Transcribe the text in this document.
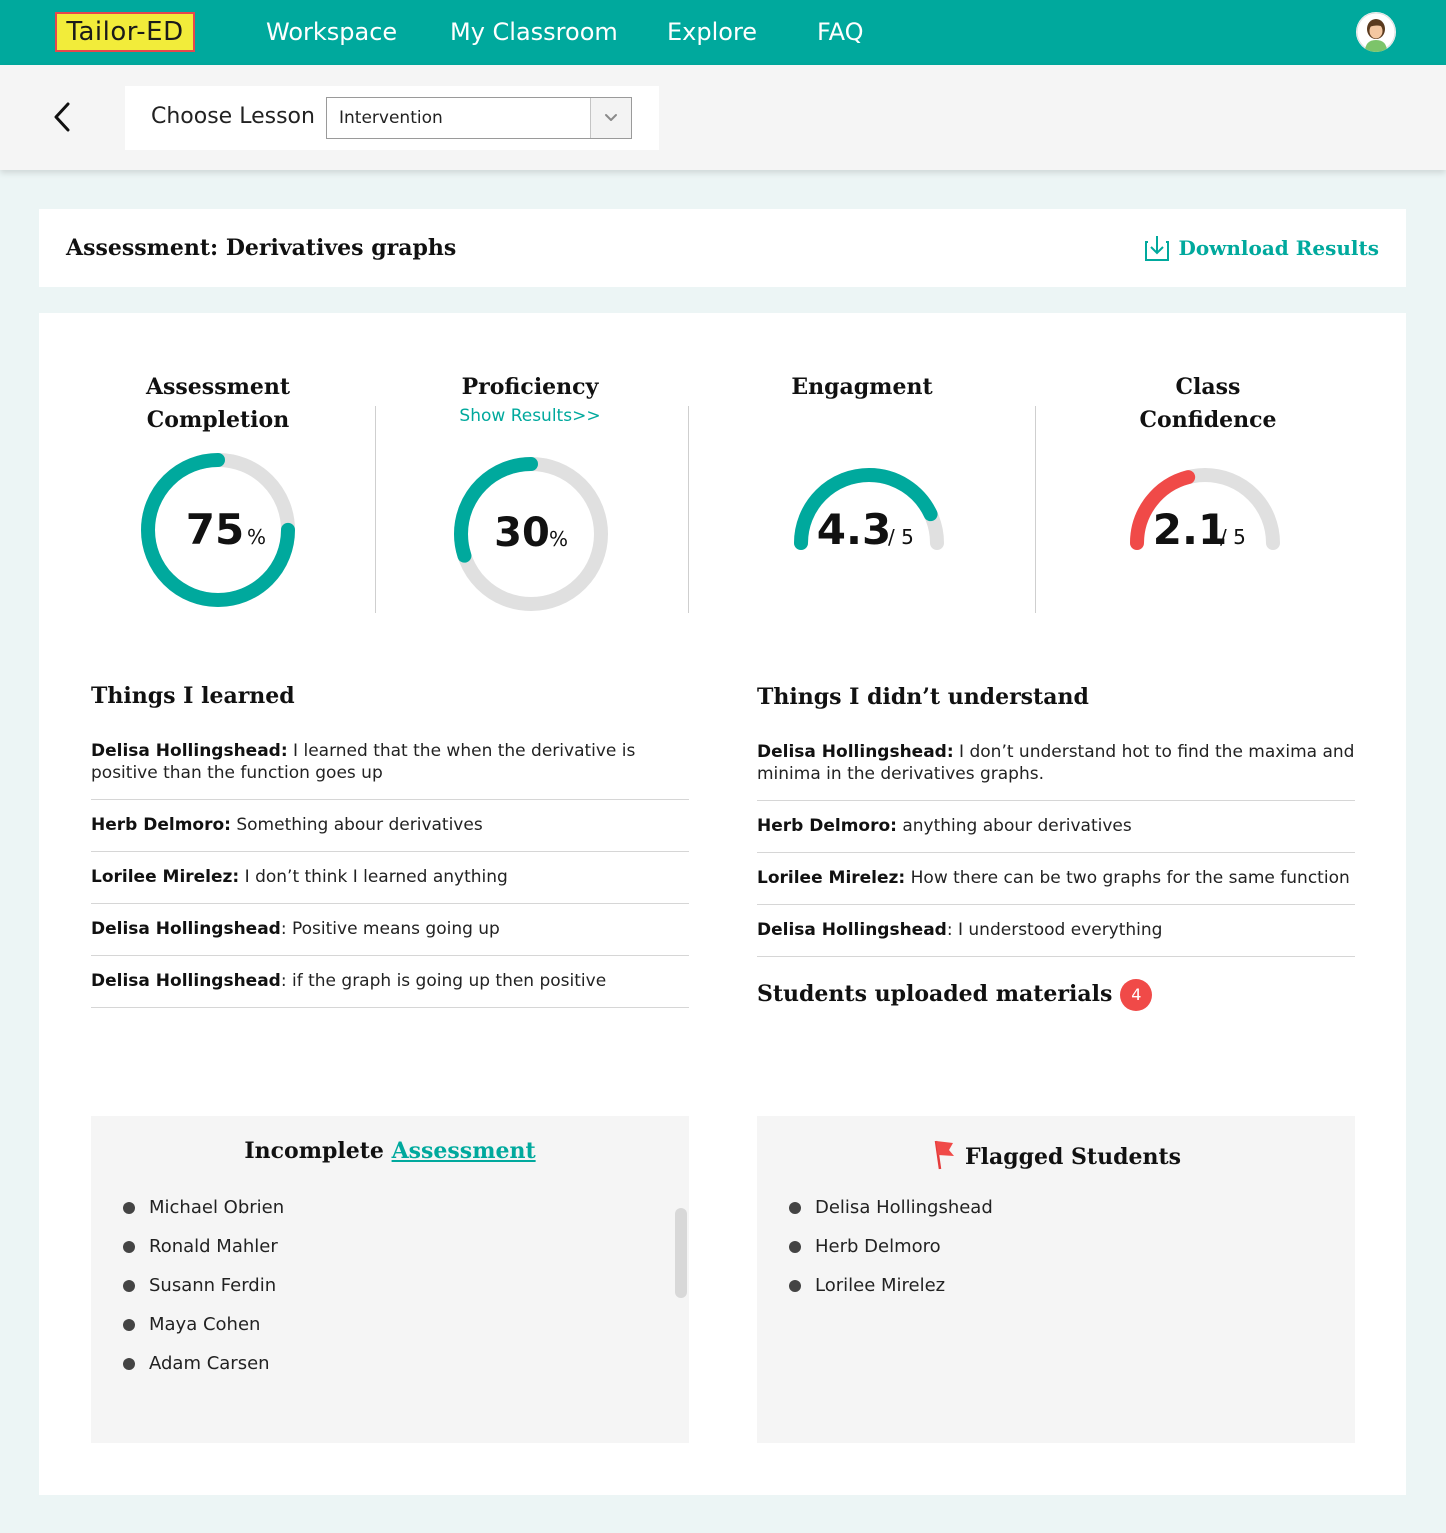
Tailor-ED	Workspace My Classroom Explore FAQ
Choose Lesson Intervention
Assessment: Derivatives graphs	Download Results
Assessment
Completion
75 %
Proficiency
Show Results>>
30 %
Engagment
4.3
/ 5
Class
Confidence
2.1
/ 5
Things I learned
Delisa Hollingshead: I learned that the when the derivative is positive than the function goes up
Herb Delmoro: Something abour derivatives
Lorilee Mirelez: I don’t think I learned anything
Delisa Hollingshead: Positive means going up
Delisa Hollingshead: if the graph is going up then positive
Things I didn’t understand
Delisa Hollingshead: I don’t understand hot to find the maxima and minima in the derivatives graphs.
Herb Delmoro: anything abour derivatives
Lorilee Mirelez: How there can be two graphs for the same function
Delisa Hollingshead: I understood everything
Students uploaded materials 4
Incomplete Assessment
Michael Obrien
Ronald Mahler
Susann Ferdin
Maya Cohen
Adam Carsen
Flagged Students
Delisa Hollingshead
Herb Delmoro
Lorilee Mirelez
